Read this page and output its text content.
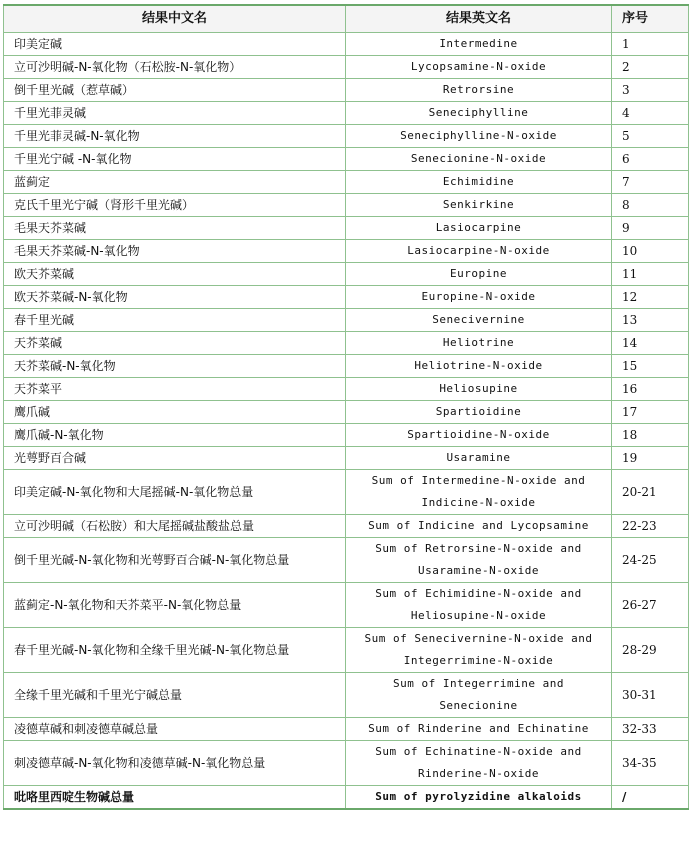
结果中文名	结果英文名	序号
印美定碱	Intermedine	1
立可沙明碱-N-氧化物（石松胺-N-氧化物）	Lycopsamine-N-oxide	2
倒千里光碱（惹草碱）	Retrorsine	3
千里光菲灵碱	Seneciphylline	4
千里光菲灵碱-N-氧化物	Seneciphylline-N-oxide	5
千里光宁碱 -N-氧化物	Senecionine-N-oxide	6
蓝蓟定	Echimidine	7
克氏千里光宁碱（肾形千里光碱）	Senkirkine	8
毛果天芥菜碱	Lasiocarpine	9
毛果天芥菜碱-N-氧化物	Lasiocarpine-N-oxide	10
欧天芥菜碱	Europine	11
欧天芥菜碱-N-氧化物	Europine-N-oxide	12
春千里光碱	Senecivernine	13
天芥菜碱	Heliotrine	14
天芥菜碱-N-氧化物	Heliotrine-N-oxide	15
天芥菜平	Heliosupine	16
鹰爪碱	Spartioidine	17
鹰爪碱-N-氧化物	Spartioidine-N-oxide	18
光萼野百合碱	Usaramine	19
印美定碱-N-氧化物和大尾摇碱-N-氧化物总量	Sum of Intermedine-N-oxide and Indicine-N-oxide	20-21
立可沙明碱（石松胺）和大尾摇碱盐酸盐总量	Sum of Indicine and Lycopsamine	22-23
倒千里光碱-N-氧化物和光萼野百合碱-N-氧化物总量	Sum of Retrorsine-N-oxide and Usaramine-N-oxide	24-25
蓝蓟定-N-氧化物和天芥菜平-N-氧化物总量	Sum of Echimidine-N-oxide and Heliosupine-N-oxide	26-27
春千里光碱-N-氧化物和全缘千里光碱-N-氧化物总量	Sum of Senecivernine-N-oxide and Integerrimine-N-oxide	28-29
全缘千里光碱和千里光宁碱总量	Sum of Integerrimine and Senecionine	30-31
凌德草碱和刺凌德草碱总量	Sum of Rinderine and Echinatine	32-33
刺凌德草碱-N-氧化物和凌德草碱-N-氧化物总量	Sum of Echinatine-N-oxide and Rinderine-N-oxide	34-35
吡咯里西啶生物碱总量	Sum of pyrolyzidine alkaloids	/
